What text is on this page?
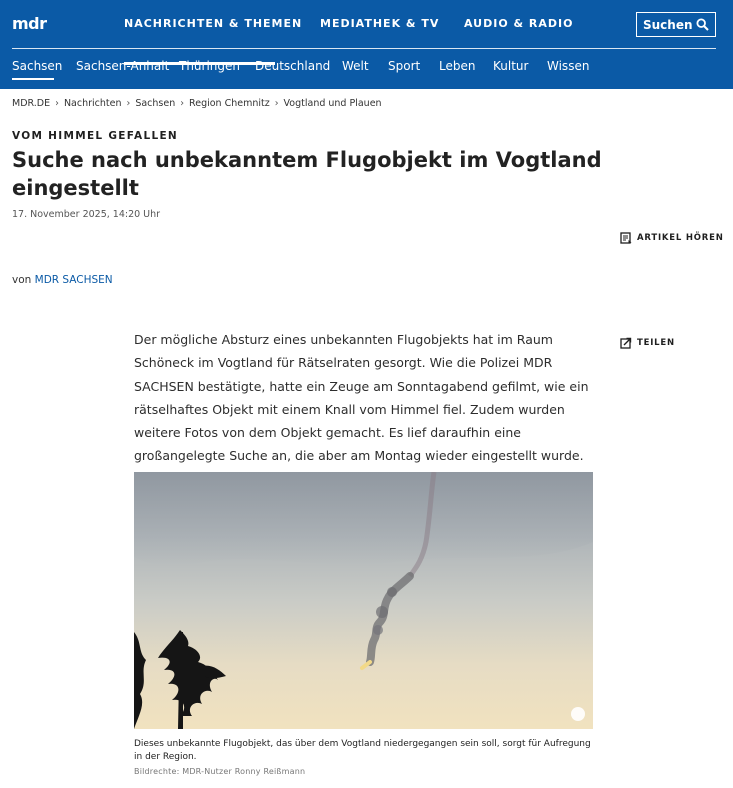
mdr	NACHRICHTEN & THEMEN MEDIATHEK & TV AUDIO & RADIO	Suchen
Sachsen Sachsen-Anhalt Thüringen Deutschland Welt Sport Leben Kultur Wissen
MDR.DE › Nachrichten › Sachsen › Region Chemnitz › Vogtland und Plauen
VOM HIMMEL GEFALLEN
Suche nach unbekanntem Flugobjekt im Vogtland eingestellt
17. November 2025, 14:20 Uhr
ARTIKEL HÖREN
von MDR SACHSEN
TEILEN

Der mögliche Absturz eines unbekannten Flugobjekts hat im Raum Schöneck im Vogtland für Rätselraten gesorgt. Wie die Polizei MDR SACHSEN bestätigte, hatte ein Zeuge am Sonntagabend gefilmt, wie ein rätselhaftes Objekt mit einem Knall vom Himmel fiel. Zudem wurden weitere Fotos von dem Objekt gemacht. Es lief daraufhin eine großangelegte Suche an, die aber am Montag wieder eingestellt wurde.

Dieses unbekannte Flugobjekt, das über dem Vogtland niedergegangen sein soll, sorgt für Aufregung in der Region.
Bildrechte: MDR-Nutzer Ronny Reißmann
